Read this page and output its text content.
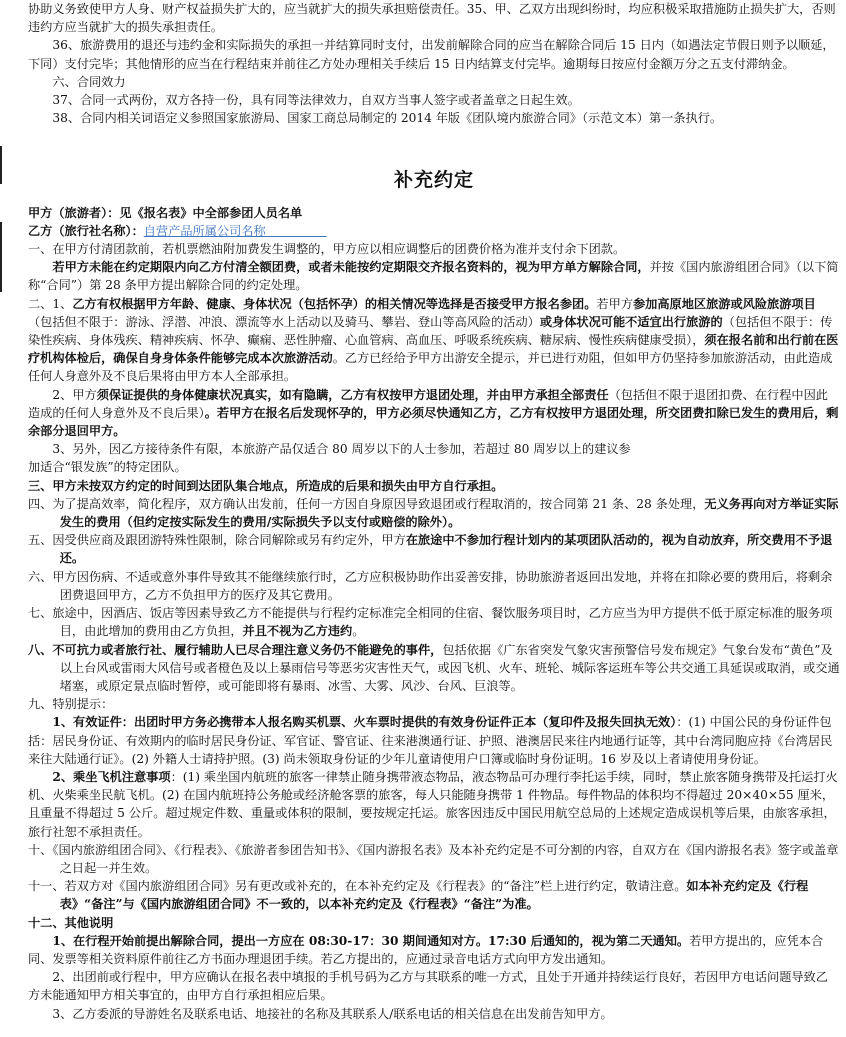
协助义务致使甲方人身、财产权益损失扩大的，应当就扩大的损失承担赔偿责任。35、甲、乙双方出现纠纷时，均应积极采取措施防止损失扩大，否则违约方应当就扩大的损失承担责任。

36、旅游费用的退还与违约金和实际损失的承担一并结算同时支付，出发前解除合同的应当在解除合同后 15 日内（如遇法定节假日则予以顺延，下同）支付完毕；其他情形的应当在行程结束并前往乙方处办理相关手续后 15 日内结算支付完毕。逾期每日按应付金额万分之五支付滞纳金。

六、合同效力

37、合同一式两份，双方各持一份，具有同等法律效力，自双方当事人签字或者盖章之日起生效。

38、合同内相关词语定义参照国家旅游局、国家工商总局制定的 2014 年版《团队境内旅游合同》（示范文本）第一条执行。

补充约定

甲方（旅游者）：见《报名表》中全部参团人员名单

乙方（旅行社名称）：自营产品所属公司名称     

一、在甲方付清团款前，若机票燃油附加费发生调整的，甲方应以相应调整后的团费价格为准并支付余下团款。

若甲方未能在约定期限内向乙方付清全额团费，或者未能按约定期限交齐报名资料的，视为甲方单方解除合同，并按《国内旅游组团合同》（以下简称“合同”）第 28 条甲方提出解除合同的约定处理。

二、1、乙方有权根据甲方年龄、健康、身体状况（包括怀孕）的相关情况等选择是否接受甲方报名参团。若甲方参加高原地区旅游或风险旅游项目（包括但不限于：游泳、浮潜、冲浪、漂流等水上活动以及骑马、攀岩、登山等高风险的活动）或身体状况可能不适宜出行旅游的（包括但不限于：传染性疾病、身体残疾、精神疾病、怀孕、癫痫、恶性肿瘤、心血管病、高血压、呼吸系统疾病、糖尿病、慢性疾病健康受损），须在报名前和出行前在医疗机构体检后，确保自身身体条件能够完成本次旅游活动。乙方已经给予甲方出游安全提示，并已进行劝阻，但如甲方仍坚持参加旅游活动，由此造成任何人身意外及不良后果将由甲方本人全部承担。

2、甲方须保证提供的身体健康状况真实，如有隐瞒，乙方有权按甲方退团处理，并由甲方承担全部责任（包括但不限于退团扣费、在行程中因此造成的任何人身意外及不良后果）。若甲方在报名后发现怀孕的，甲方必须尽快通知乙方，乙方有权按甲方退团处理，所交团费扣除已发生的费用后，剩余部分退回甲方。

3、另外，因乙方接待条件有限，本旅游产品仅适合 80 周岁以下的人士参加，若超过 80 周岁以上的建议参

加适合“银发族”的特定团队。

三、甲方未按双方约定的时间到达团队集合地点，所造成的后果和损失由甲方自行承担。

四、为了提高效率，简化程序，双方确认出发前，任何一方因自身原因导致退团或行程取消的，按合同第 21 条、28 条处理，无义务再向对方举证实际发生的费用（但约定按实际发生的费用/实际损失予以支付或赔偿的除外）。

五、因受供应商及跟团游特殊性限制，除合同解除或另有约定外，甲方在旅途中不参加行程计划内的某项团队活动的，视为自动放弃，所交费用不予退还。

六、甲方因伤病、不适或意外事件导致其不能继续旅行时，乙方应积极协助作出妥善安排，协助旅游者返回出发地，并将在扣除必要的费用后，将剩余团费退回甲方，乙方不负担甲方的医疗及其它费用。

七、旅途中，因酒店、饭店等因素导致乙方不能提供与行程约定标准完全相同的住宿、餐饮服务项目时，乙方应当为甲方提供不低于原定标准的服务项目，由此增加的费用由乙方负担，并且不视为乙方违约。

八、不可抗力或者旅行社、履行辅助人已尽合理注意义务仍不能避免的事件，包括依据《广东省突发气象灾害预警信号发布规定》气象台发布“黄色”及以上台风或雷雨大风信号或者橙色及以上暴雨信号等恶劣灾害性天气，或因飞机、火车、班轮、城际客运班车等公共交通工具延误或取消，或交通堵塞，或原定景点临时暂停，或可能即将有暴雨、冰雪、大雾、风沙、台风、巨浪等。

九、特别提示：

1、有效证件：出团时甲方务必携带本人报名购买机票、火车票时提供的有效身份证件正本（复印件及报失回执无效）：(1) 中国公民的身份证件包括：居民身份证、有效期内的临时居民身份证、军官证、警官证、往来港澳通行证、护照、港澳居民来往内地通行证等，其中台湾同胞应持《台湾居民来往大陆通行证》。(2) 外籍人士请持护照。(3) 尚未领取身份证的少年儿童请使用户口簿或临时身份证明。16 岁及以上者请使用身份证。

2、乘坐飞机注意事项：(1) 乘坐国内航班的旅客一律禁止随身携带液态物品，液态物品可办理行李托运手续，同时，禁止旅客随身携带及托运打火机、火柴乘坐民航飞机。(2) 在国内航班持公务舱或经济舱客票的旅客，每人只能随身携带 1 件物品。每件物品的体积均不得超过 20×40×55 厘米，且重量不得超过 5 公斤。超过规定件数、重量或体积的限制，要按规定托运。旅客因违反中国民用航空总局的上述规定造成误机等后果，由旅客承担，旅行社恕不承担责任。

十、《国内旅游组团合同》、《行程表》、《旅游者参团告知书》、《国内游报名表》及本补充约定是不可分割的内容，自双方在《国内游报名表》签字或盖章之日起一并生效。

十一、若双方对《国内旅游组团合同》另有更改或补充的，在本补充约定及《行程表》的“备注”栏上进行约定，敬请注意。如本补充约定及《行程表》“备注”与《国内旅游组团合同》不一致的，以本补充约定及《行程表》“备注”为准。

十二、其他说明

1、在行程开始前提出解除合同，提出一方应在 08:30-17：30 期间通知对方。17:30 后通知的，视为第二天通知。若甲方提出的，应凭本合同、发票等相关资料原件前往乙方书面办理退团手续。若乙方提出的，应通过录音电话方式向甲方发出通知。

2、出团前或行程中，甲方应确认在报名表中填报的手机号码为乙方与其联系的唯一方式，且处于开通并持续运行良好，若因甲方电话问题导致乙方未能通知甲方相关事宜的，由甲方自行承担相应后果。

3、乙方委派的导游姓名及联系电话、地接社的名称及其联系人/联系电话的相关信息在出发前告知甲方。
